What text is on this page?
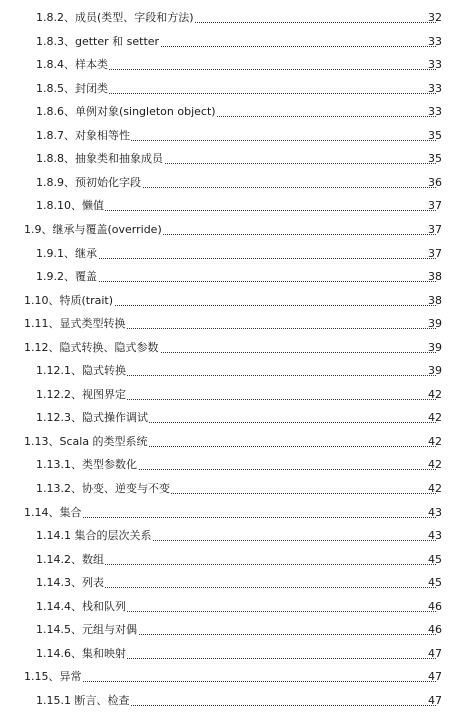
1.8.2、成员(类型、字段和方法)	32
1.8.3、getter 和 setter	33
1.8.4、样本类	33
1.8.5、封闭类	33
1.8.6、单例对象(singleton object)	33
1.8.7、对象相等性	35
1.8.8、抽象类和抽象成员	35
1.8.9、预初始化字段	36
1.8.10、懒值	37
1.9、继承与覆盖(override)	37
1.9.1、继承	37
1.9.2、覆盖	38
1.10、特质(trait)	38
1.11、显式类型转换	39
1.12、隐式转换、隐式参数	39
1.12.1、隐式转换	39
1.12.2、视图界定	42
1.12.3、隐式操作调试	42
1.13、Scala 的类型系统	42
1.13.1、类型参数化	42
1.13.2、协变、逆变与不变	42
1.14、集合	43
1.14.1 集合的层次关系	43
1.14.2、数组	45
1.14.3、列表	45
1.14.4、栈和队列	46
1.14.5、元组与对偶	46
1.14.6、集和映射	47
1.15、异常	47
1.15.1 断言、检查	47
